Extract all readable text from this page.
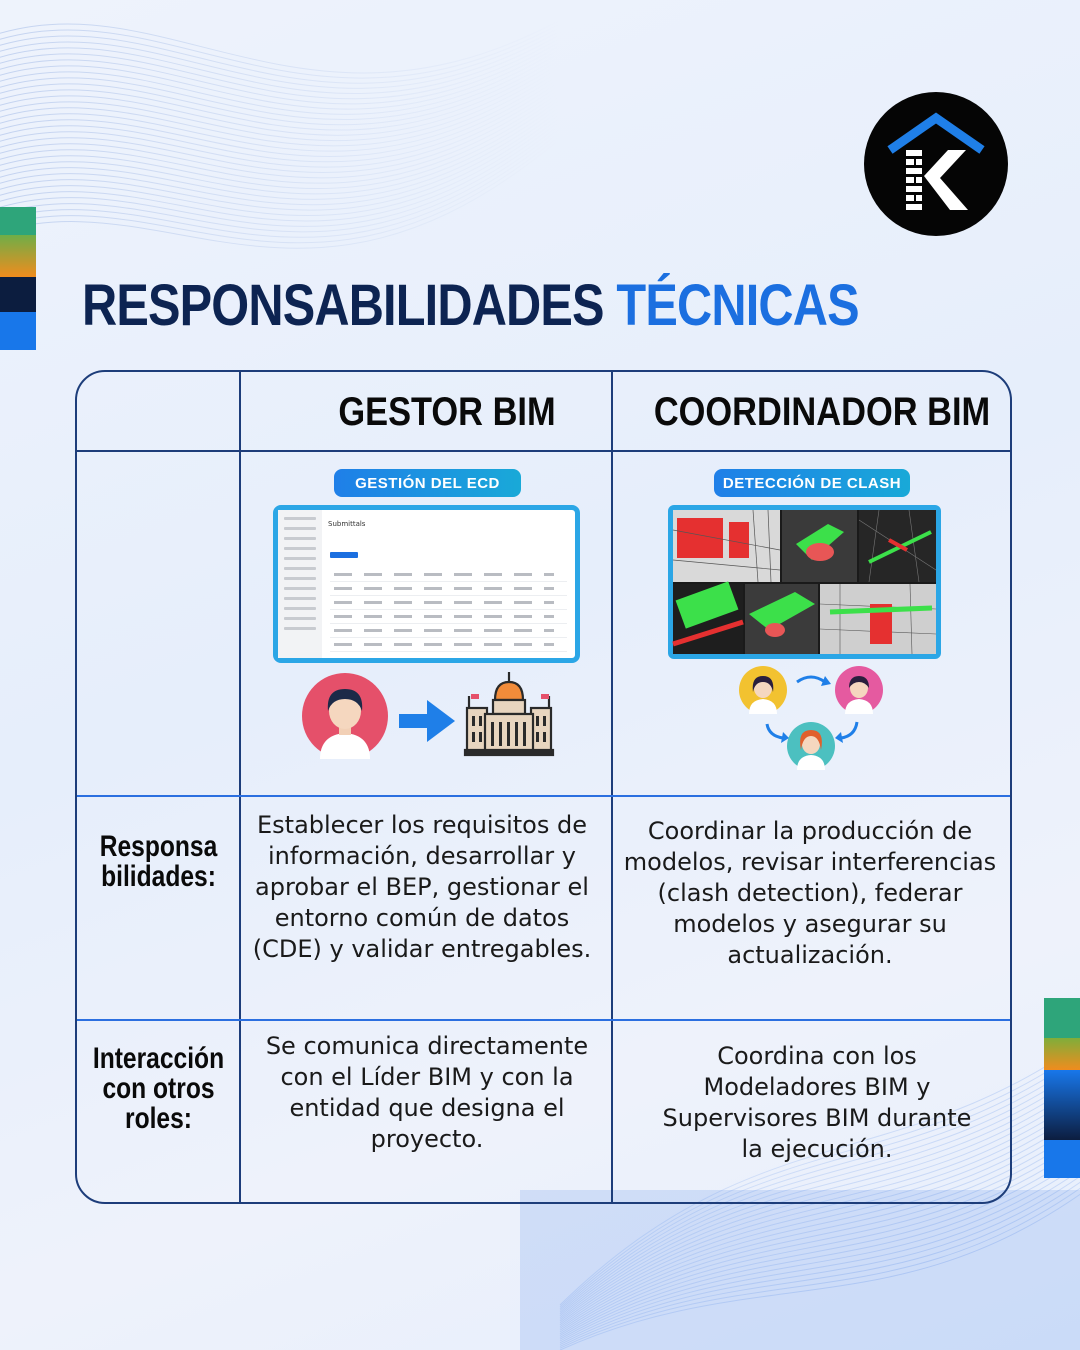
K
RESPONSABILIDADES TÉCNICAS
GESTOR BIM	COORDINADOR BIM
GESTIÓN DEL ECD
Submittals
DETECCIÓN DE CLASH
Responsa bilidades:
Establecer los requisitos de información, desarrollar y aprobar el BEP, gestionar el entorno común de datos (CDE) y validar entregables.
Coordinar la producción de modelos, revisar interferencias (clash detection), federar modelos y asegurar su actualización.
Interacción con otros roles:
Se comunica directamente con el Líder BIM y con la entidad que designa el proyecto.
Coordina con los Modeladores BIM y Supervisores BIM durante la ejecución.
